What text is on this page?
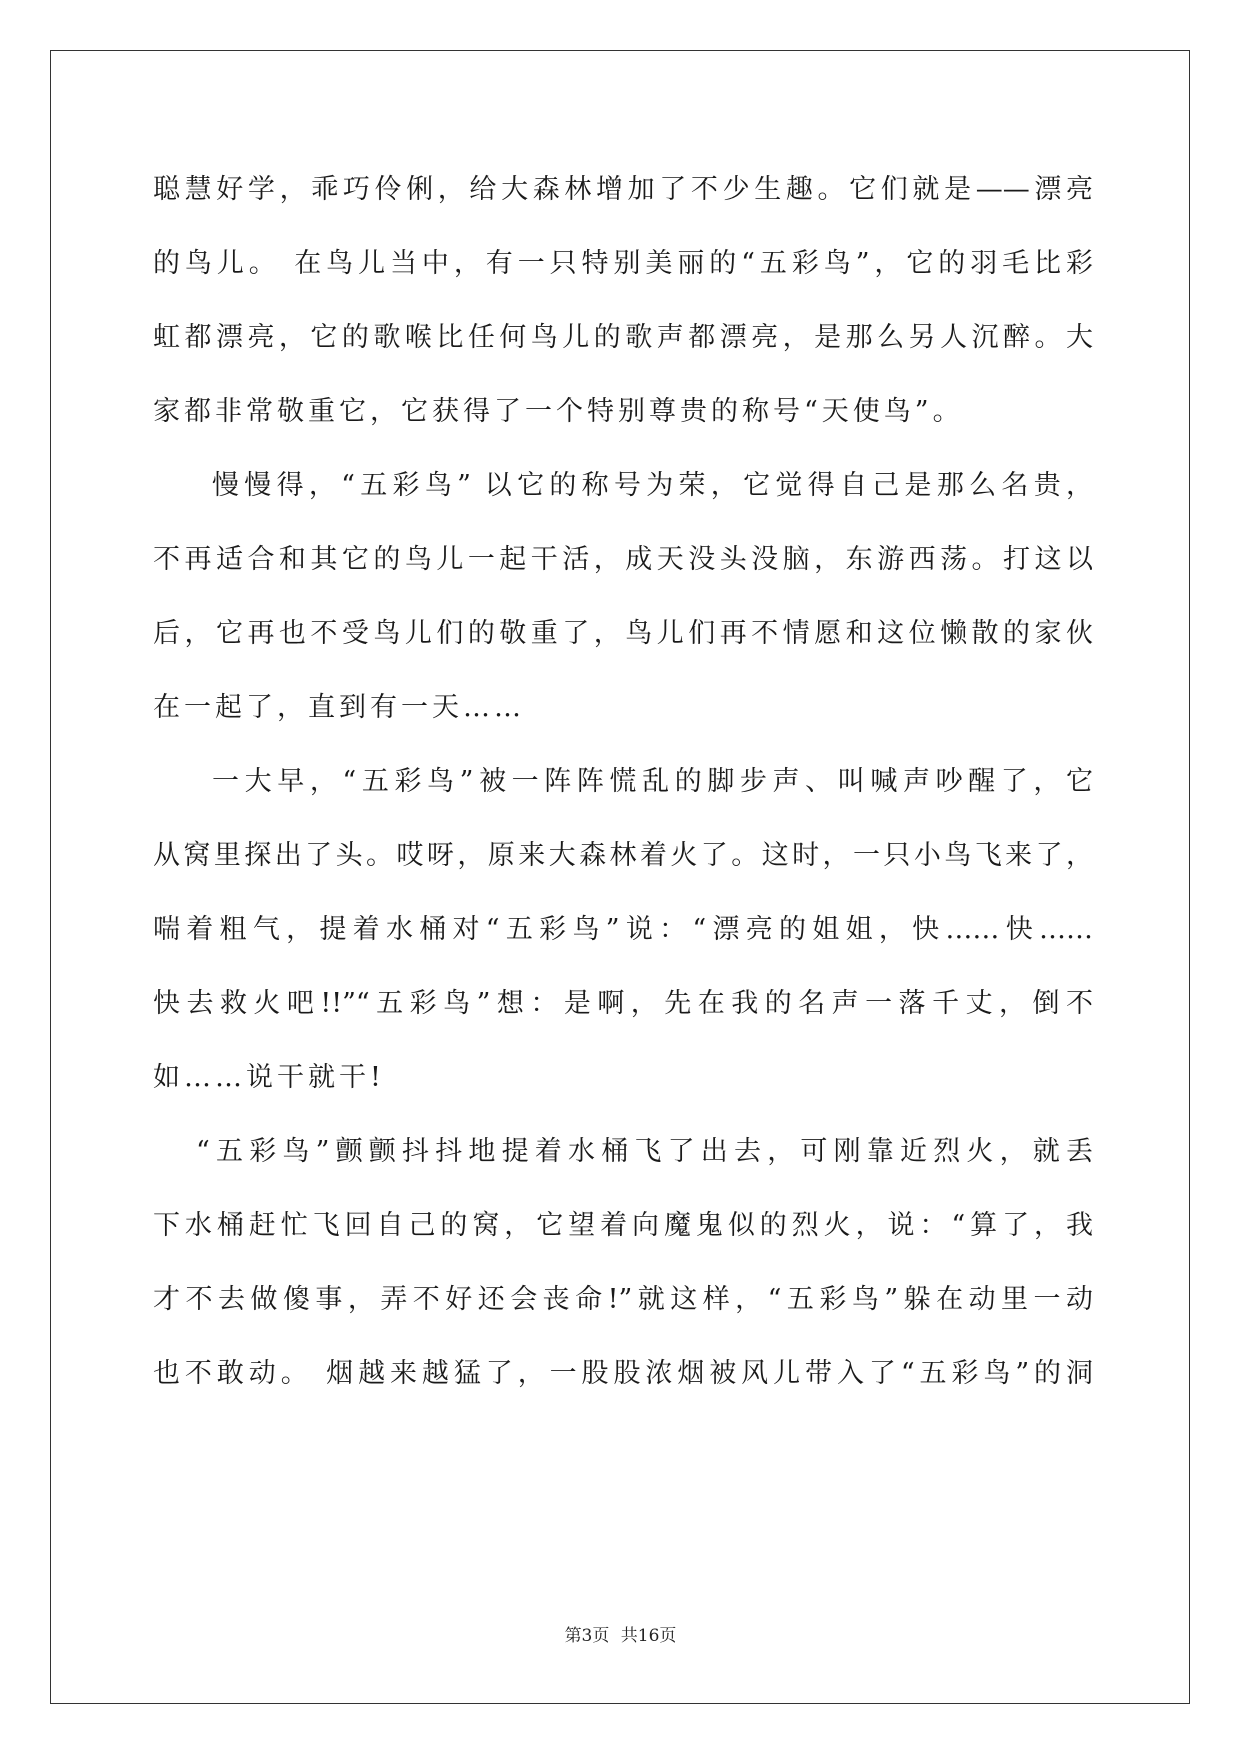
聪慧好学，乖巧伶俐，给大森林增加了不少生趣。它们就是——漂亮
的鸟儿。 在鸟儿当中，有一只特别美丽的“五彩鸟”，它的羽毛比彩
虹都漂亮，它的歌喉比任何鸟儿的歌声都漂亮，是那么另人沉醉。大
家都非常敬重它，它获得了一个特别尊贵的称号“天使鸟”。
慢慢得，“五彩鸟” 以它的称号为荣，它觉得自己是那么名贵，
不再适合和其它的鸟儿一起干活，成天没头没脑，东游西荡。打这以
后，它再也不受鸟儿们的敬重了，鸟儿们再不情愿和这位懒散的家伙
在一起了，直到有一天……
一大早，“五彩鸟”被一阵阵慌乱的脚步声、叫喊声吵醒了，它
从窝里探出了头。哎呀，原来大森林着火了。这时，一只小鸟飞来了，
喘着粗气，提着水桶对“五彩鸟”说：“漂亮的姐姐，快……快……
快去救火吧!!”“五彩鸟”想：是啊，先在我的名声一落千丈，倒不
如……说干就干!
“五彩鸟”颤颤抖抖地提着水桶飞了出去，可刚靠近烈火，就丢
下水桶赶忙飞回自己的窝，它望着向魔鬼似的烈火，说：“算了，我
才不去做傻事，弄不好还会丧命!”就这样，“五彩鸟”躲在动里一动
也不敢动。 烟越来越猛了，一股股浓烟被风儿带入了“五彩鸟”的洞
第3页 共16页
